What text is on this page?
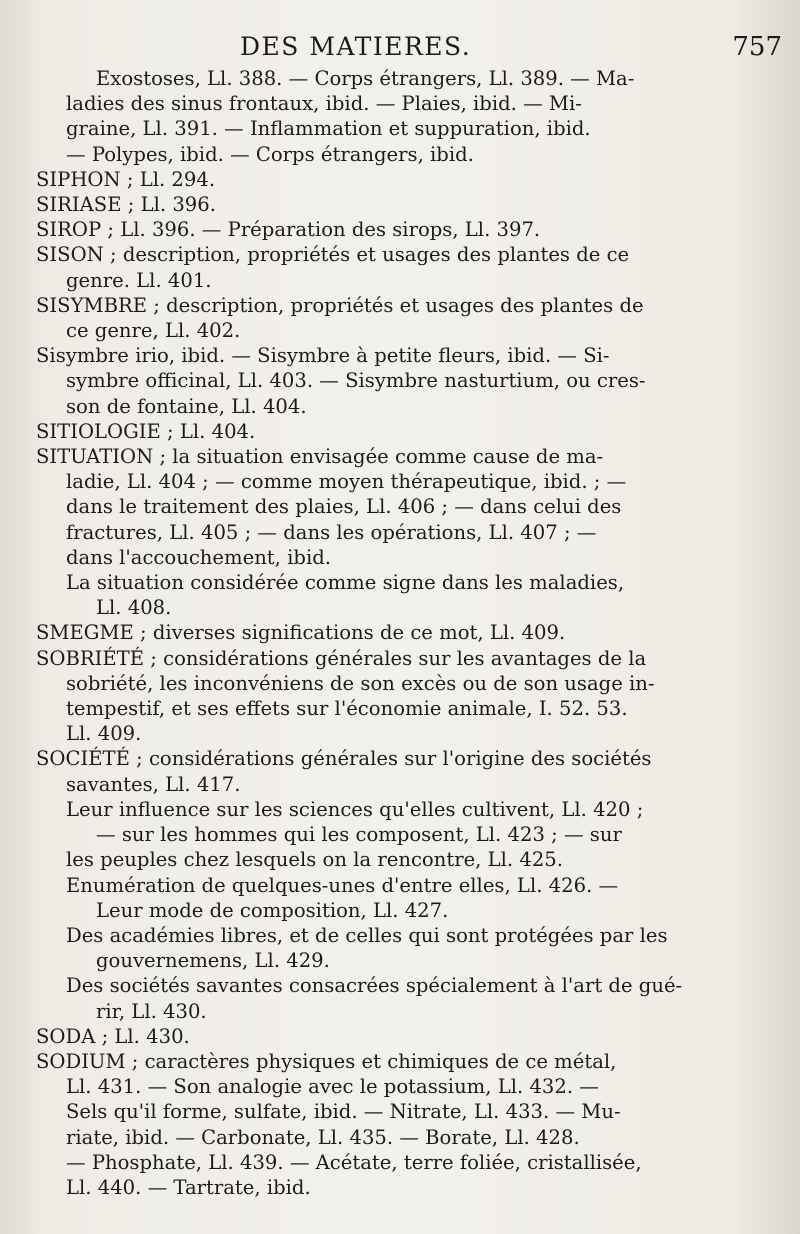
DES MATIERES.	757
Exostoses, Ll. 388. — Corps étrangers, Ll. 389. — Ma-
ladies des sinus frontaux, ibid. — Plaies, ibid. — Mi-
graine, Ll. 391. — Inflammation et suppuration, ibid.
— Polypes, ibid. — Corps étrangers, ibid.
SIPHON ; Ll. 294.
SIRIASE ; Ll. 396.
SIROP ; Ll. 396. — Préparation des sirops, Ll. 397.
SISON ; description, propriétés et usages des plantes de ce
genre. Ll. 401.
SISYMBRE ; description, propriétés et usages des plantes de
ce genre, Ll. 402.
Sisymbre irio, ibid. — Sisymbre à petite fleurs, ibid. — Si-
symbre officinal, Ll. 403. — Sisymbre nasturtium, ou cres-
son de fontaine, Ll. 404.
SITIOLOGIE ; Ll. 404.
SITUATION ; la situation envisagée comme cause de ma-
ladie, Ll. 404 ; — comme moyen thérapeutique, ibid. ; —
dans le traitement des plaies, Ll. 406 ; — dans celui des
fractures, Ll. 405 ; — dans les opérations, Ll. 407 ; —
dans l'accouchement, ibid.
La situation considérée comme signe dans les maladies,
Ll. 408.
SMEGME ; diverses significations de ce mot, Ll. 409.
SOBRIÉTÉ ; considérations générales sur les avantages de la
sobriété, les inconvéniens de son excès ou de son usage in-
tempestif, et ses effets sur l'économie animale, I. 52. 53.
Ll. 409.
SOCIÉTÉ ; considérations générales sur l'origine des sociétés
savantes, Ll. 417.
Leur influence sur les sciences qu'elles cultivent, Ll. 420 ;
— sur les hommes qui les composent, Ll. 423 ; — sur
les peuples chez lesquels on la rencontre, Ll. 425.
Enumération de quelques-unes d'entre elles, Ll. 426. —
Leur mode de composition, Ll. 427.
Des académies libres, et de celles qui sont protégées par les
gouvernemens, Ll. 429.
Des sociétés savantes consacrées spécialement à l'art de gué-
rir, Ll. 430.
SODA ; Ll. 430.
SODIUM ; caractères physiques et chimiques de ce métal,
Ll. 431. — Son analogie avec le potassium, Ll. 432. —
Sels qu'il forme, sulfate, ibid. — Nitrate, Ll. 433. — Mu-
riate, ibid. — Carbonate, Ll. 435. — Borate, Ll. 428.
— Phosphate, Ll. 439. — Acétate, terre foliée, cristallisée,
Ll. 440. — Tartrate, ibid.
